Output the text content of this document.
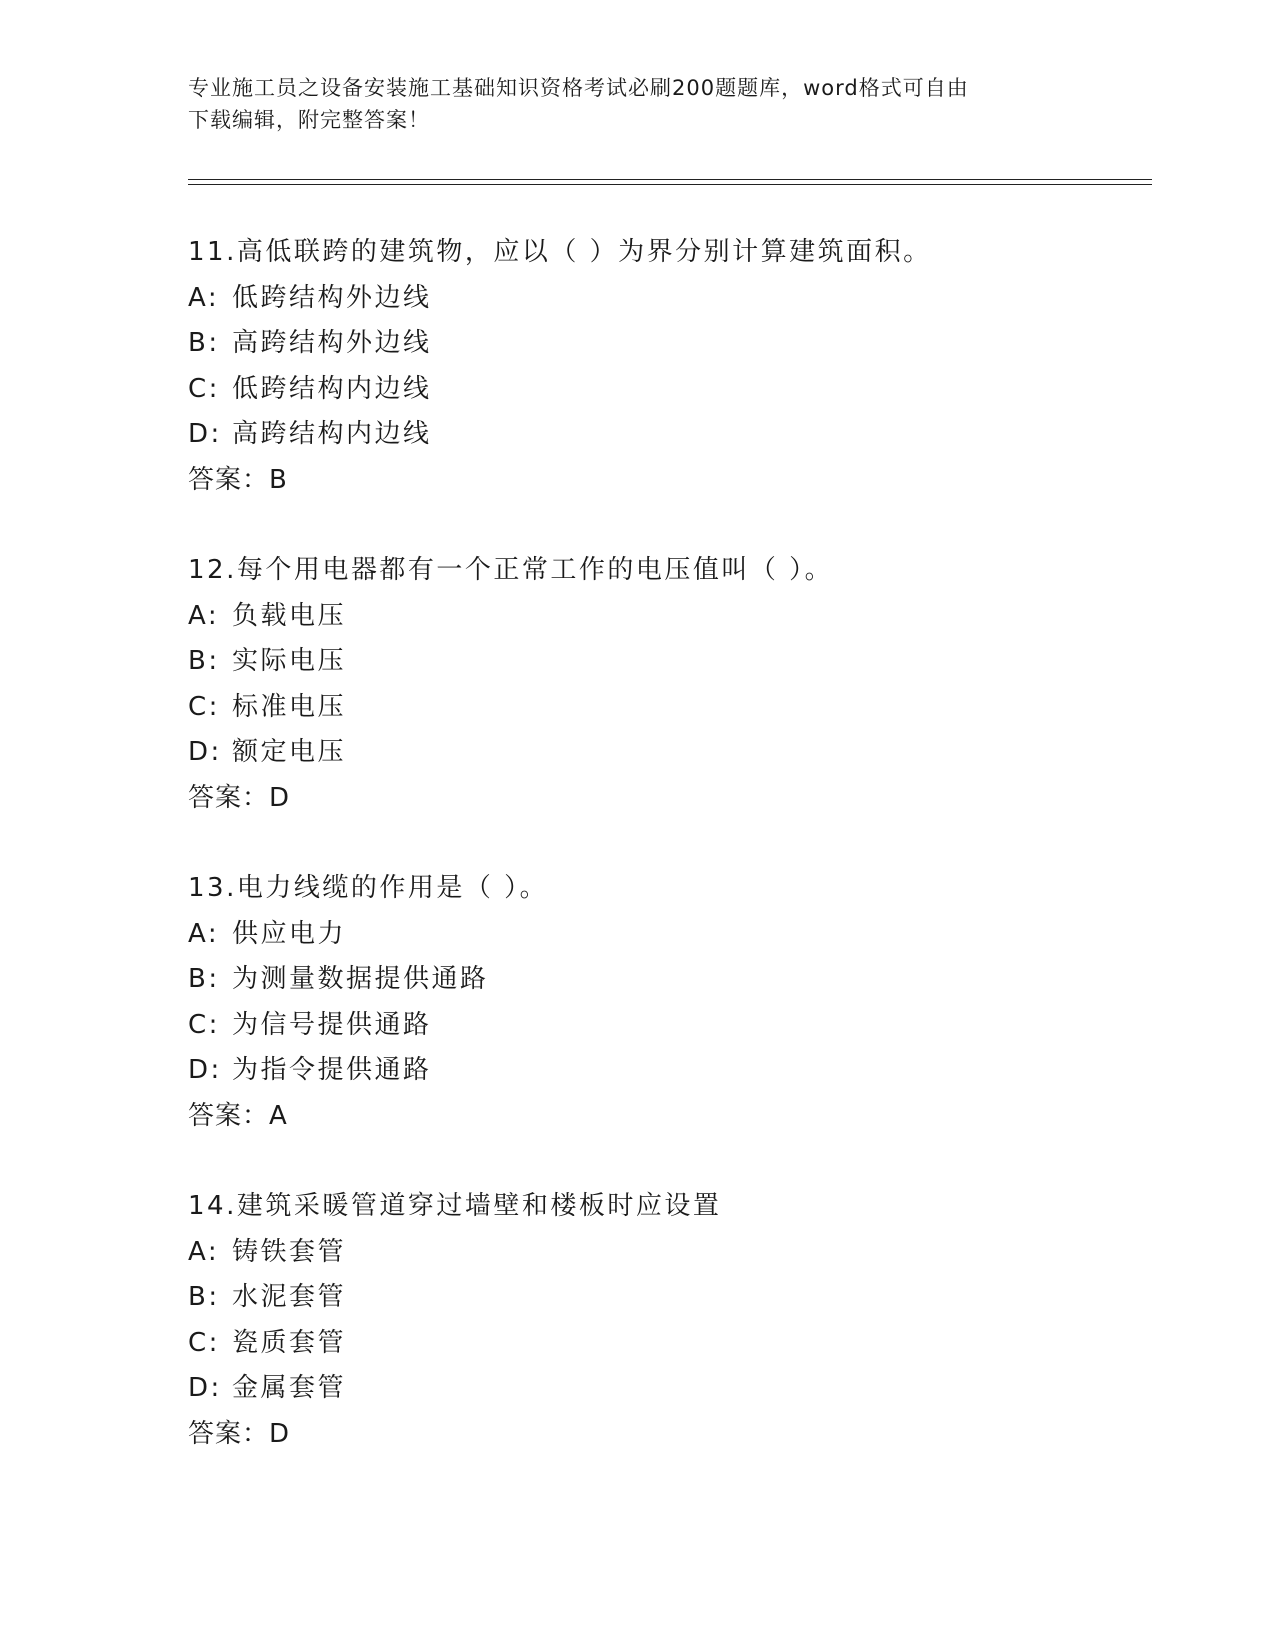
专业施工员之设备安装施工基础知识资格考试必刷200题题库，word格式可自由
下载编辑，附完整答案！
11.高低联跨的建筑物，应以（ ）为界分别计算建筑面积。
A: 低跨结构外边线
B: 高跨结构外边线
C: 低跨结构内边线
D: 高跨结构内边线
答案：B
12.每个用电器都有一个正常工作的电压值叫（ ）。
A: 负载电压
B: 实际电压
C: 标准电压
D: 额定电压
答案：D
13.电力线缆的作用是（ ）。
A: 供应电力
B: 为测量数据提供通路
C: 为信号提供通路
D: 为指令提供通路
答案：A
14.建筑采暖管道穿过墙壁和楼板时应设置
A: 铸铁套管
B: 水泥套管
C: 瓷质套管
D: 金属套管
答案：D
